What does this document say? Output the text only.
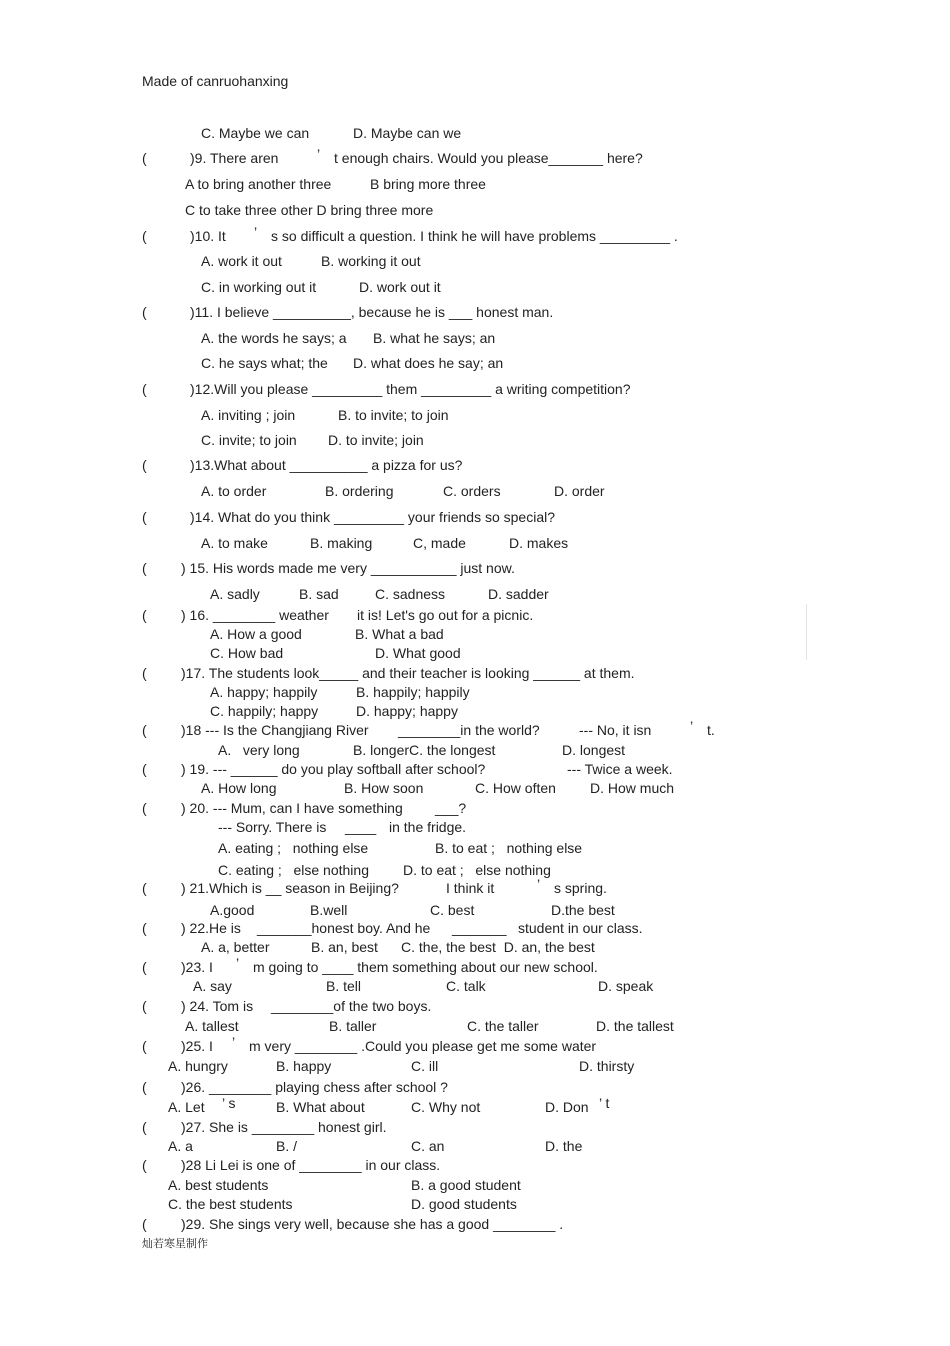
Made of canruohanxing
C. Maybe we can	D. Maybe can we
(	)9. There aren	’ t enough chairs. Would you please_______ here?
A to bring another three	B bring more three
C to take three other D bring three more
(	)10. It ’ s so difficult a question. I think he will have problems _________ .
A. work it out	B. working it out
C. in working out it	D. work out it
(	)11. I believe __________, because he is ___ honest man.
A. the words he says; a B. what he says; an
C. he says what; the D. what does he say; an
(	)12.Will you please _________ them _________ a writing competition?
A. inviting ; join	B. to invite; to join
C. invite; to join D. to invite; join
(	)13.What about __________ a pizza for us?
A. to order	B. ordering	C. orders	D. order
(	)14. What do you think _________ your friends so special?
A. to make	B. making	C, made	D. makes
( ) 15. His words made me very ___________ just now.
A. sadly	B. sad	C. sadness	D. sadder
( ) 16. ________ weather it is! Let's go out for a picnic.
A. How a good	B. What a bad
C. How bad	D. What good
( )17. The students look_____ and their teacher is looking ______ at them.
A. happy; happily	B. happily; happily
C. happily; happy	D. happy; happy
( )18 --- Is the Changjiang River ________in the world?	--- No, it isn	’ t.
A.   very long	B. longerC. the longest	D. longest
( ) 19. --- ______ do you play softball after school?	--- Twice a week.
A. How long	B. How soon	C. How often D. How much
( ) 20. --- Mum, can I have something ___?
--- Sorry. There is ____ in the fridge.
A. eating ;   nothing else	B. to eat ;   nothing else
C. eating ;   else nothing D. to eat ;   else nothing
( ) 21.Which is __ season in Beijing?	I think it	’ s spring.
A.good	B.well	C. best	D.the best
( ) 22.He is _______honest boy. And he _______ student in our class.
A. a, better	B. an, best C. the, the best  D. an, the best
( )23. I ’ m going to ____ them something about our new school.
A. say	B. tell	C. talk	D. speak
( ) 24. Tom is ________of the two boys.
A. tallest	B. taller	C. the taller	D. the tallest
( )25. I ’ m very ________ .Could you please get me some water
A. hungry	B. happy	C. ill	D. thirsty
( )26. ________ playing chess after school ?
A. Let ’ s	B. What about	C. Why not	D. Don ’ t
( )27. She is ________ honest girl.
A. a	B. /	C. an	D. the
( )28 Li Lei is one of ________ in our class.
A. best students	B. a good student
C. the best students	D. good students
( )29. She sings very well, because she has a good ________ .
灿若寒星制作
